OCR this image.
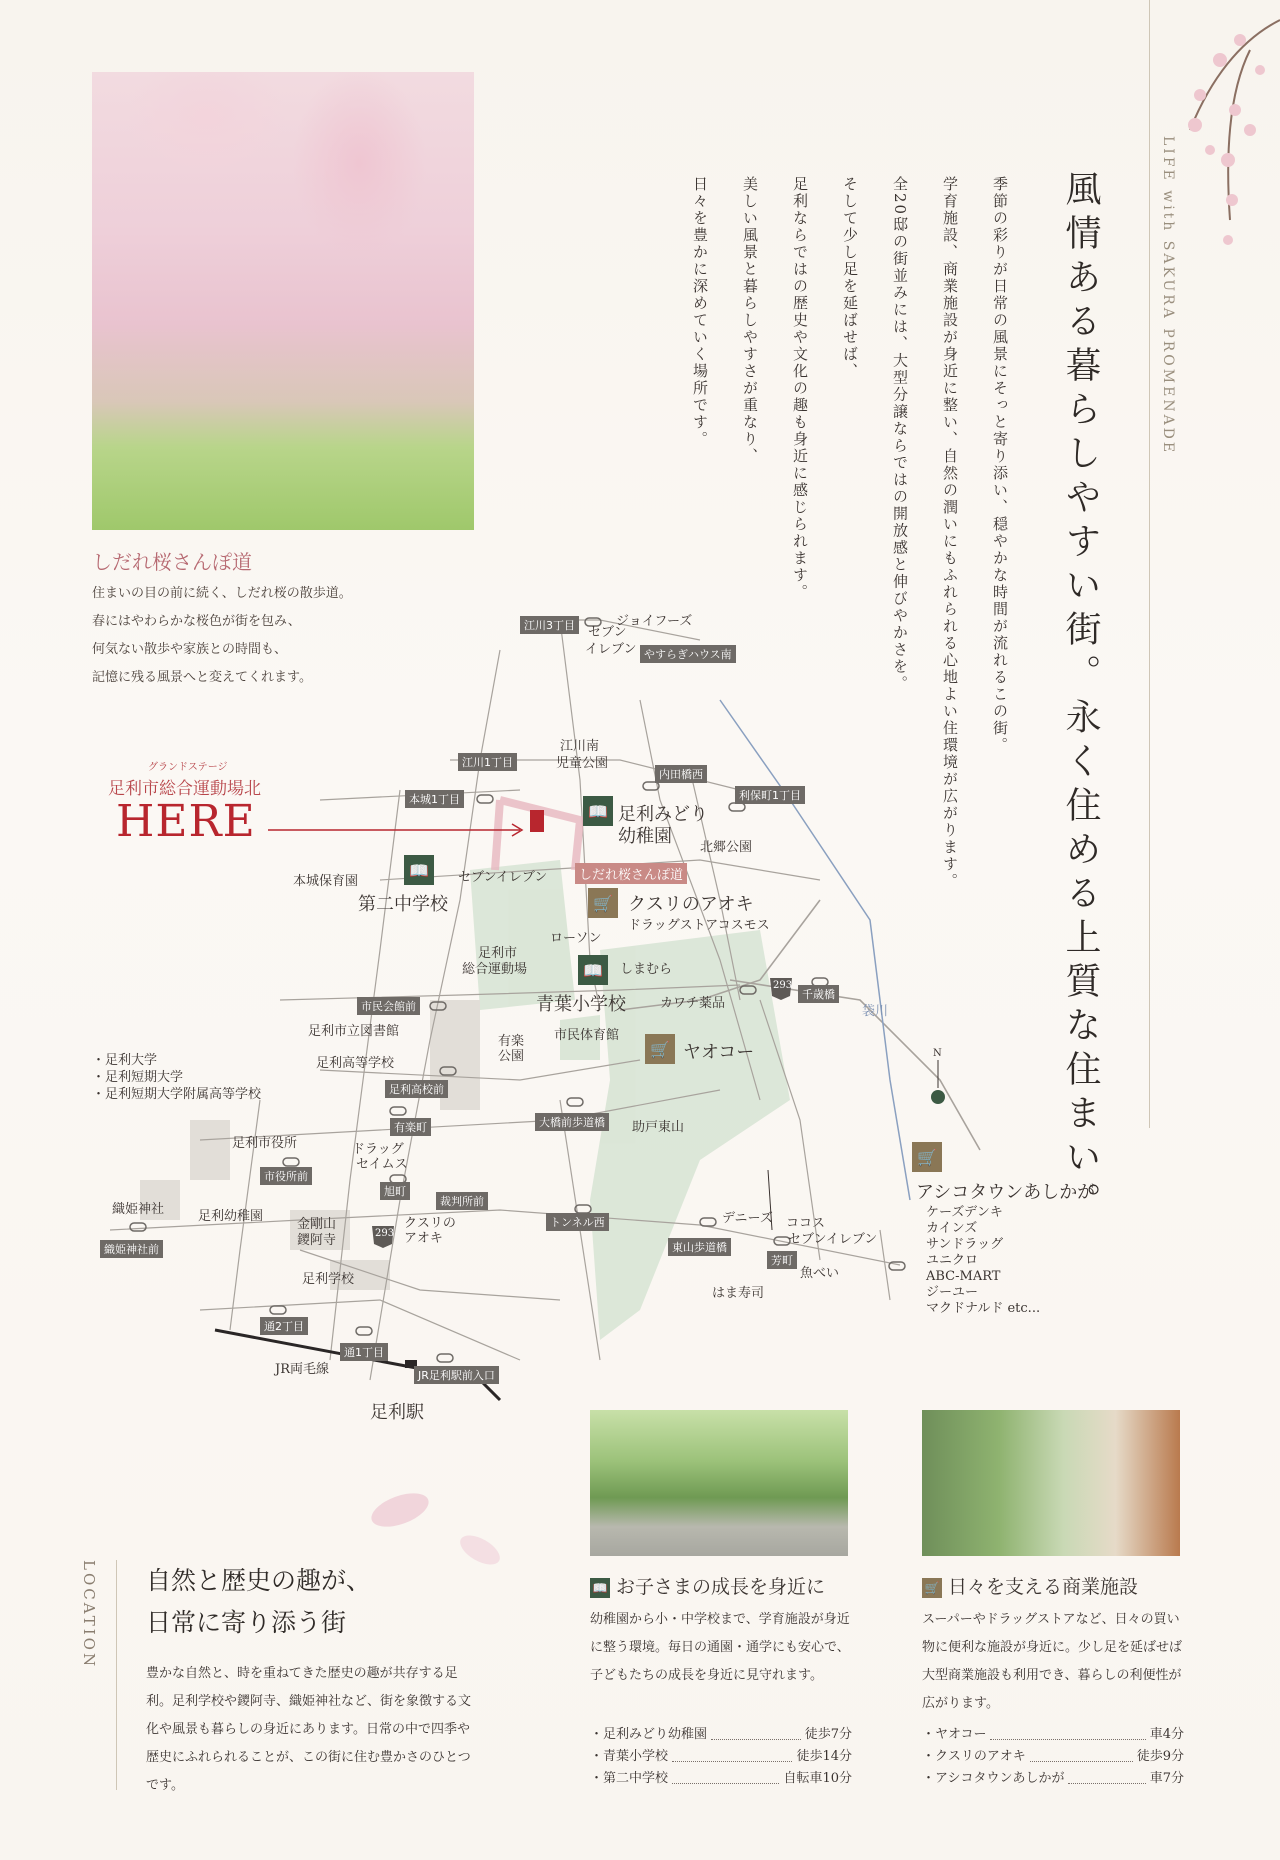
LIFE with SAKURA PROMENADE
風情ある暮らしやすい街。永く住める上質な住まい。
季節の彩りが日常の風景にそっと寄り添い、穏やかな時間が流れるこの街。
学育施設、商業施設が身近に整い、自然の潤いにもふれられる心地よい住環境が広がります。
全20邸の街並みには、大型分譲ならではの開放感と伸びやかさを。
そして少し足を延ばせば、
足利ならではの歴史や文化の趣も身近に感じられます。
美しい風景と暮らしやすさが重なり、
日々を豊かに深めていく場所です。
しだれ桜さんぽ道
住まいの目の前に続く、しだれ桜の散歩道。
春にはやわらかな桜色が街を包み、
何気ない散歩や家族との時間も、
記憶に残る風景へと変えてくれます。
江川3丁目
やすらぎハウス南
江川1丁目
内田橋西
本城1丁目	利保町1丁目
市民会館前
千歳橋
足利高校前
有楽町	大橋前歩道橋
市役所前
旭町
裁判所前
トンネル西
東山歩道橋
芳町
織姫神社前
通2丁目
通1丁目
JR足利駅前入口
しだれ桜さんぽ道
ジョイフーズ
セブン
イレブン
江川南
児童公園
📖 足利みどり
幼稚園
北郷公園
本城保育園	セブンイレブン
📖
第二中学校	🛒 クスリのアオキ
ドラッグストアコスモス
ローソン
足利市
総合運動場	📖	しまむら
青葉小学校	カワチ薬品
足利市立図書館	市民体育館
有楽
公園
足利高等学校
🛒 ヤオコー
助戸東山
足利市役所	ドラッグ
セイムス
織姫神社	足利幼稚園
金剛山
鑁阿寺
クスリの
アオキ
足利学校
デニーズ ココス
セブンイレブン
魚べい
はま寿司
JR両毛線
足利駅
袋川
🛒
アシコタウンあしかが
293
293
N
・足利大学
・足利短期大学
・足利短期大学附属高等学校
ケーズデンキ
カインズ
サンドラッグ
ユニクロ
ABC-MART
ジーユー
マクドナルド etc...
グランドステージ
足利市総合運動場北
HERE
LOCATION 自然と歴史の趣が、
日常に寄り添う街
豊かな自然と、時を重ねてきた歴史の趣が共存する足利。足利学校や鑁阿寺、織姫神社など、街を象徴する文化や風景も暮らしの身近にあります。日常の中で四季や歴史にふれられることが、この街に住む豊かさのひとつです。
📖 お子さまの成長を身近に
幼稚園から小・中学校まで、学育施設が身近に整う環境。毎日の通園・通学にも安心で、子どもたちの成長を身近に見守れます。
・足利みどり幼稚園	徒歩7分
・青葉小学校	徒歩14分
・第二中学校	自転車10分
🛒 日々を支える商業施設
スーパーやドラッグストアなど、日々の買い物に便利な施設が身近に。少し足を延ばせば大型商業施設も利用でき、暮らしの利便性が広がります。
・ヤオコー	車4分
・クスリのアオキ	徒歩9分
・アシコタウンあしかが	車7分
